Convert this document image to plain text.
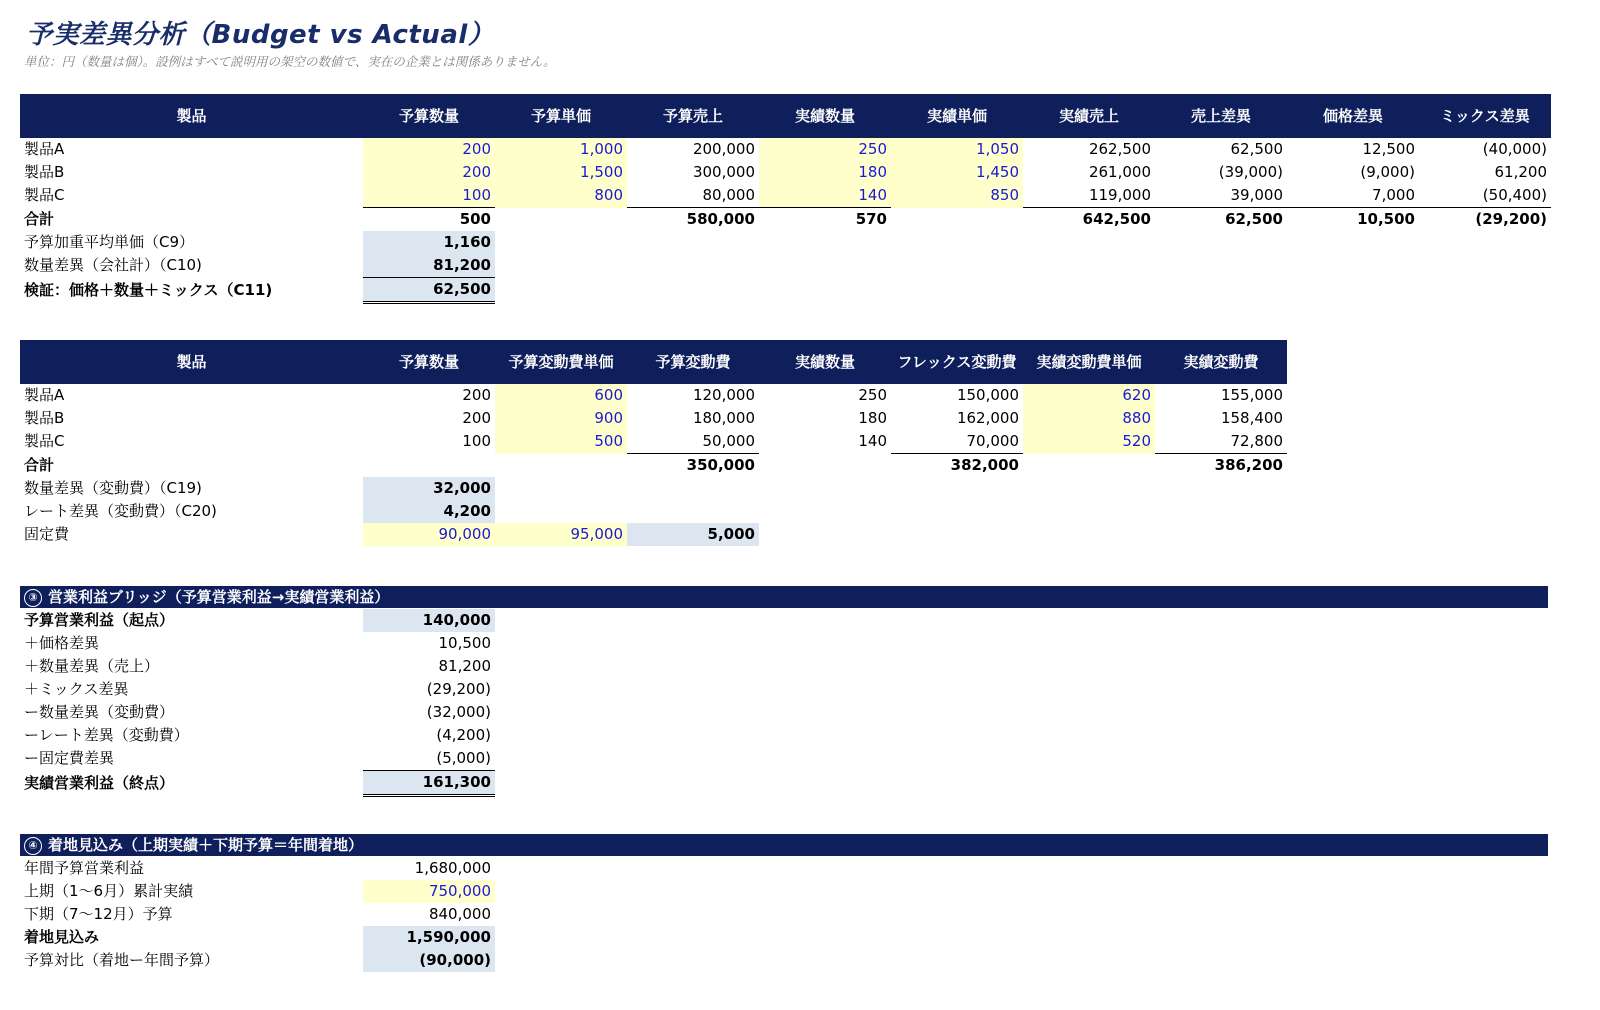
予実差異分析（Budget vs Actual）
単位：円（数量は個）。設例はすべて説明用の架空の数値で、実在の企業とは関係ありません。
製品	予算数量	予算単価	予算売上	実績数量	実績単価	実績売上	売上差異	価格差異	ミックス差異
製品A	200	1,000	200,000	250	1,050	262,500	62,500	12,500	(40,000)
製品B	200	1,500	300,000	180	1,450	261,000	(39,000)	(9,000)	61,200
製品C	100	800	80,000	140	850	119,000	39,000	7,000	(50,400)
合計	500		580,000	570		642,500	62,500	10,500	(29,200)
予算加重平均単価（C9）	1,160								
数量差異（会社計）（C10)	81,200								
検証：価格＋数量＋ミックス（C11)	62,500								
製品	予算数量	予算変動費単価	予算変動費	実績数量	フレックス変動費	実績変動費単価	実績変動費
製品A	200	600	120,000	250	150,000	620	155,000
製品B	200	900	180,000	180	162,000	880	158,400
製品C	100	500	50,000	140	70,000	520	72,800
合計			350,000		382,000		386,200
数量差異（変動費）（C19)	32,000						
レート差異（変動費）（C20)	4,200						
固定費	90,000	95,000	5,000				
③ 営業利益ブリッジ（予算営業利益→実績営業利益）
予算営業利益（起点）	140,000
＋価格差異	10,500
＋数量差異（売上）	81,200
＋ミックス差異	(29,200)
ー数量差異（変動費）	(32,000)
ーレート差異（変動費）	(4,200)
ー固定費差異	(5,000)
実績営業利益（終点）	161,300
④ 着地見込み（上期実績＋下期予算＝年間着地）
年間予算営業利益	1,680,000
上期（1〜6月）累計実績	750,000
下期（7〜12月）予算	840,000
着地見込み	1,590,000
予算対比（着地ー年間予算）	(90,000)
